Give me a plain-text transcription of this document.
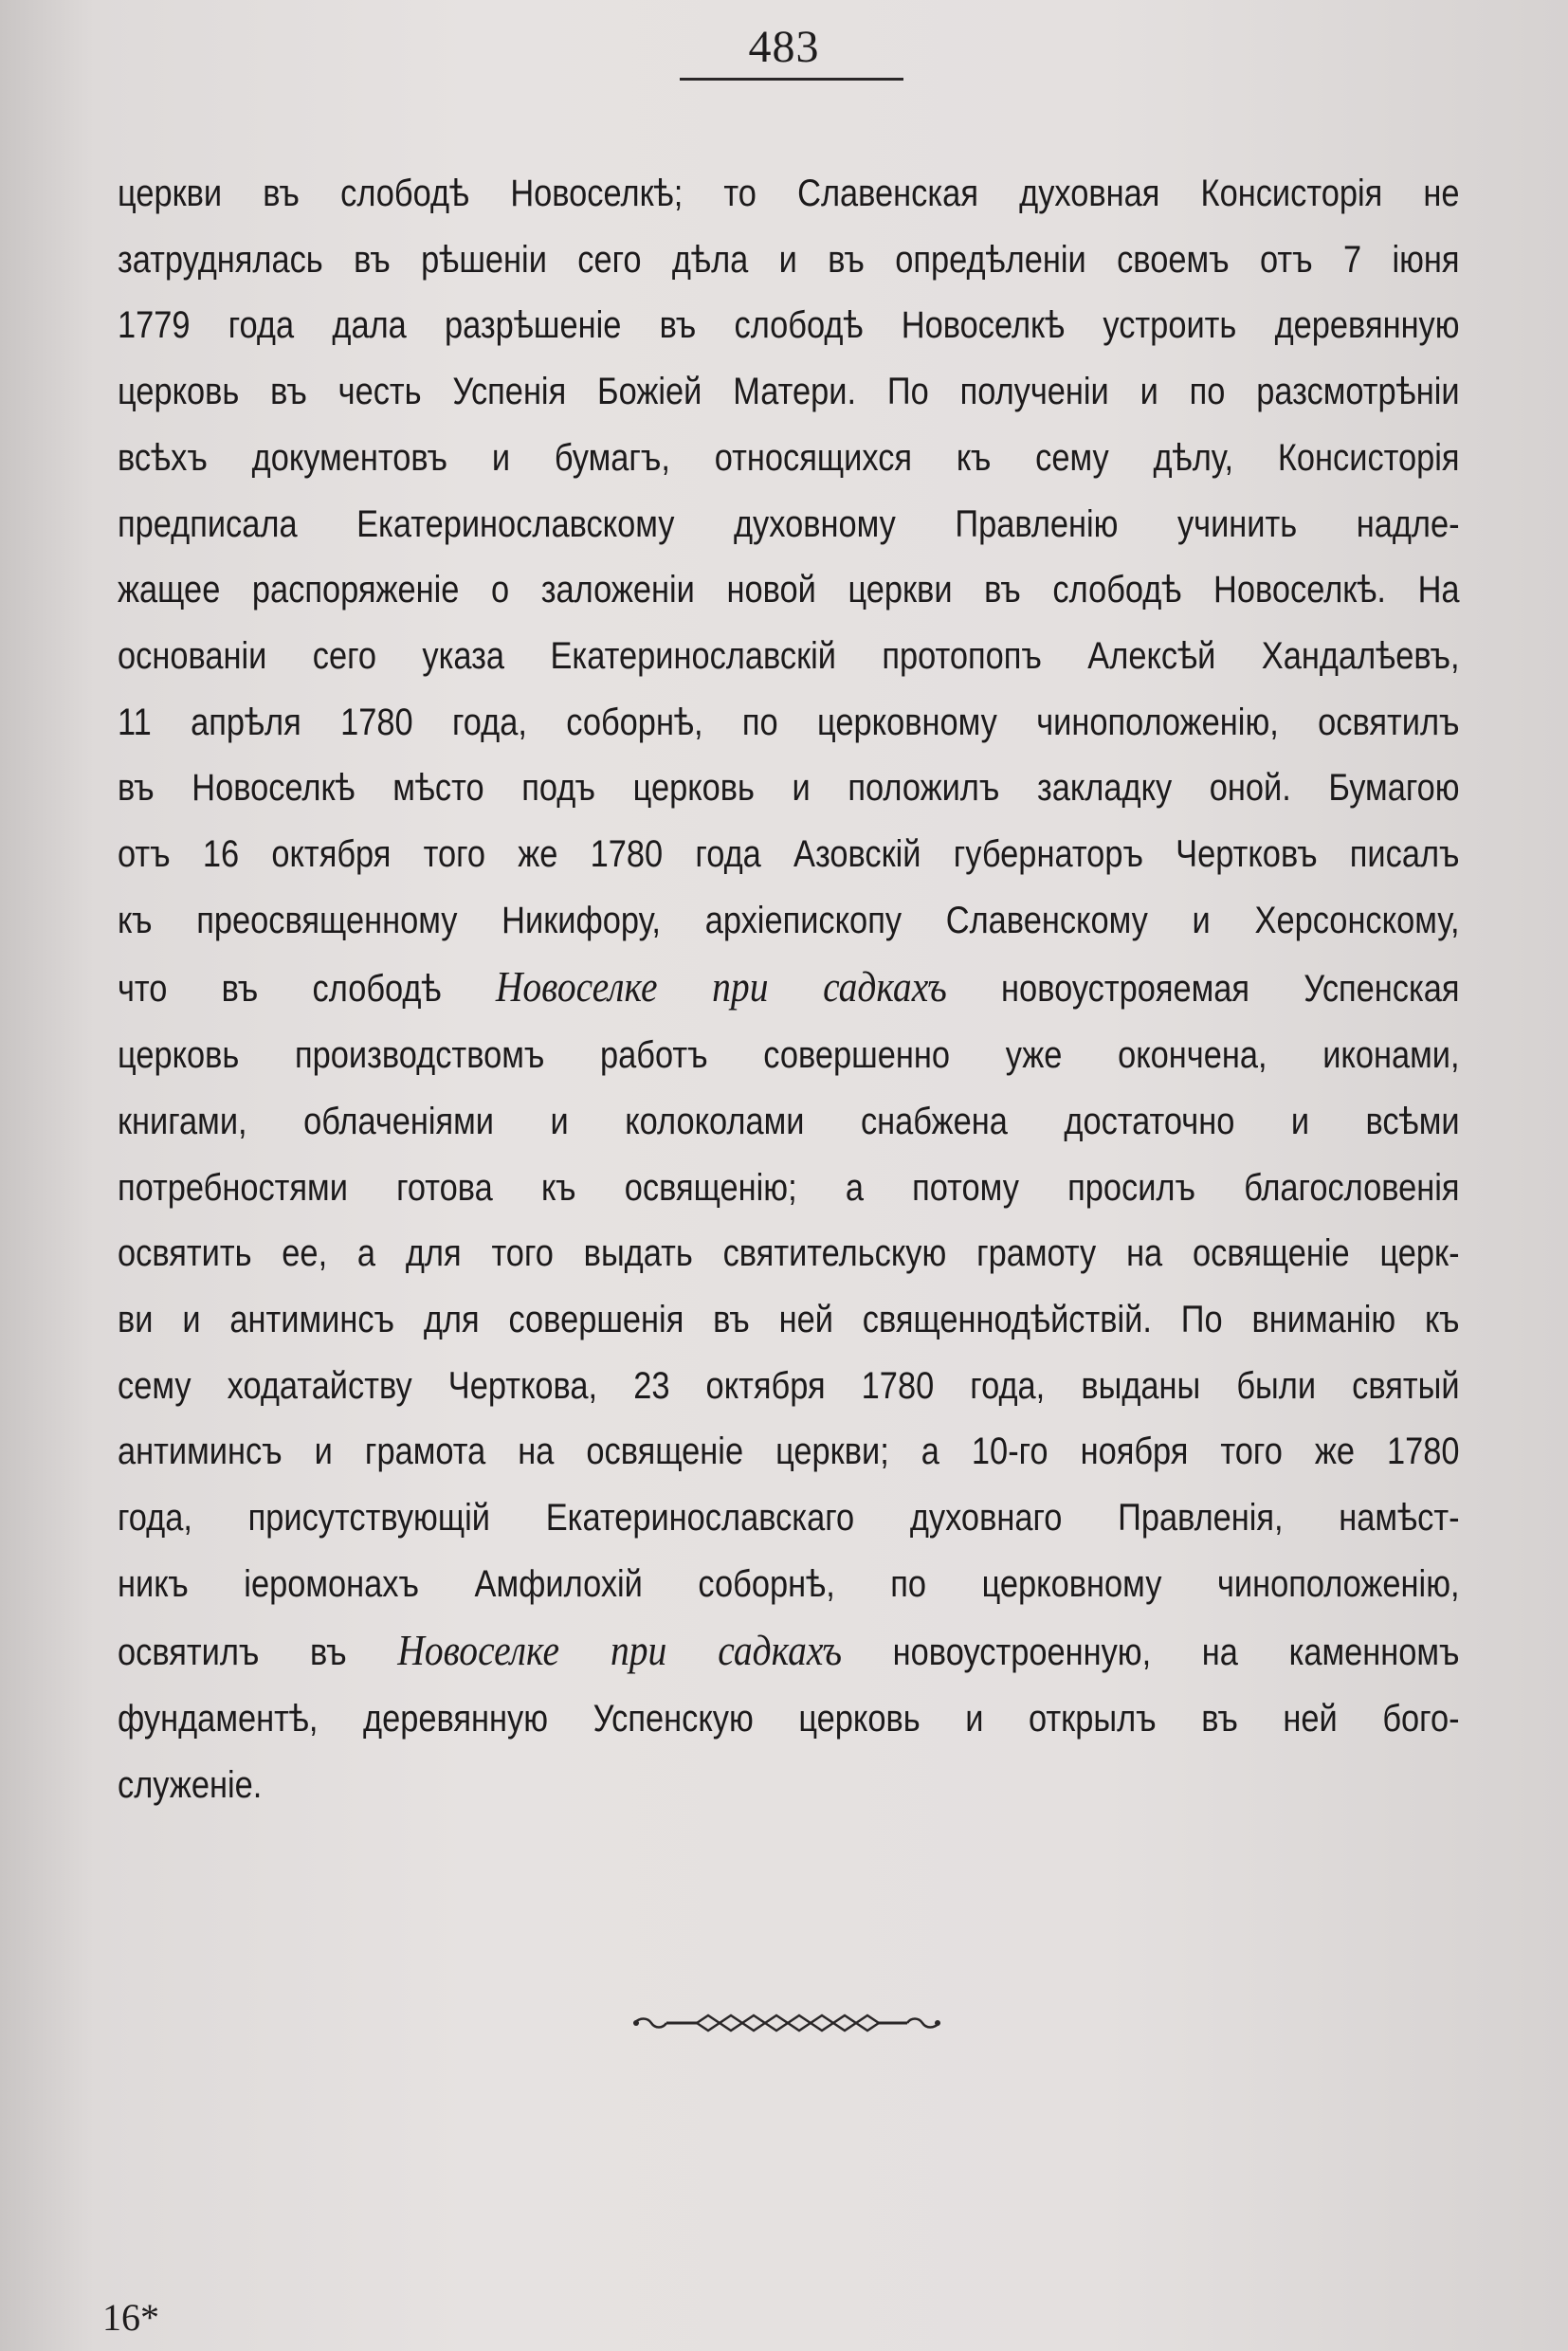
483
церкви въ слободѣ Новоселкѣ; то Славенская духовная Консисторія не
затруднялась въ рѣшеніи сего дѣла и въ опредѣленіи своемъ отъ 7 іюня
1779 года дала разрѣшеніе въ слободѣ Новоселкѣ устроить деревянную
церковь въ честь Успенія Божіей Матери. По полученіи и по разсмотрѣніи
всѣхъ документовъ и бумагъ, относящихся къ сему дѣлу, Консисторія
предписала Екатеринославскому духовному Правленію учинить надле-
жащее распоряженіе о заложеніи новой церкви въ слободѣ Новоселкѣ. На
основаніи сего указа Екатеринославскій протопопъ Алексѣй Хандалѣевъ,
11 апрѣля 1780 года, соборнѣ, по церковному чиноположенію, освятилъ
въ Новоселкѣ мѣсто подъ церковь и положилъ закладку оной. Бумагою
отъ 16 октября того же 1780 года Азовскій губернаторъ Чертковъ писалъ
къ преосвященному Никифору, архіепископу Славенскому и Херсонскому,
что въ слободѣ Новоселке при садкахъ новоустрояемая Успенская
церковь производствомъ работъ совершенно уже окончена, иконами,
книгами, облаченіями и колоколами снабжена достаточно и всѣми
потребностями готова къ освященію; а потому просилъ благословенія
освятить ее, а для того выдать святительскую грамоту на освященіе церк-
ви и антиминсъ для совершенія въ ней священнодѣйствій. По вниманію къ
сему ходатайству Черткова, 23 октября 1780 года, выданы были святый
антиминсъ и грамота на освященіе церкви; а 10-го ноября того же 1780
года, присутствующій Екатеринославскаго духовнаго Правленія, намѣст-
никъ іеромонахъ Амфилохій соборнѣ, по церковному чиноположенію,
освятилъ въ Новоселке при садкахъ новоустроенную, на каменномъ
фундаментѣ, деревянную Успенскую церковь и открылъ въ ней бого-
служеніе.
16*
